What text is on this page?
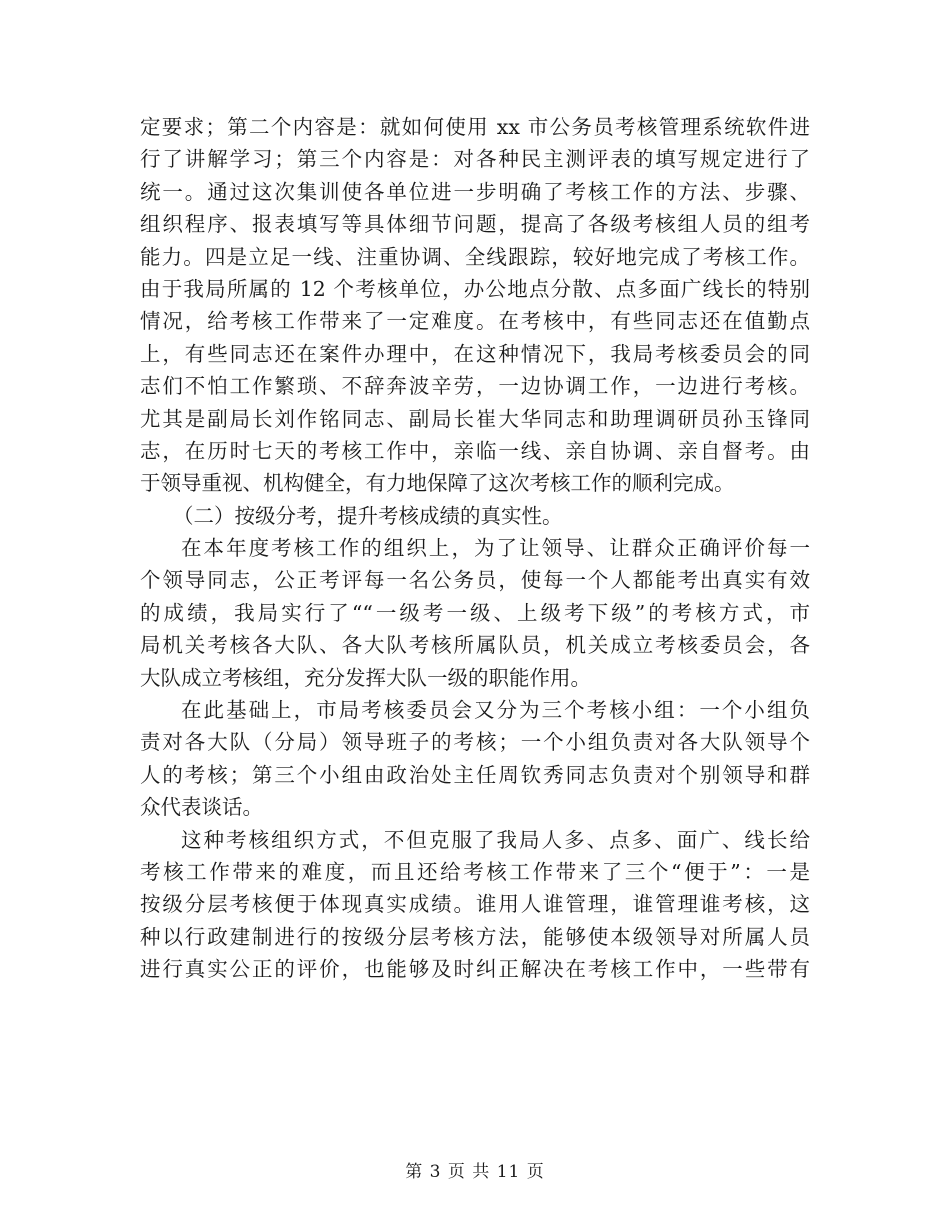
定要求；第二个内容是：就如何使用 xx 市公务员考核管理系统软件进
行了讲解学习；第三个内容是：对各种民主测评表的填写规定进行了
统一。通过这次集训使各单位进一步明确了考核工作的方法、步骤、
组织程序、报表填写等具体细节问题，提高了各级考核组人员的组考
能力。四是立足一线、注重协调、全线跟踪，较好地完成了考核工作。
由于我局所属的 12 个考核单位，办公地点分散、点多面广线长的特别
情况，给考核工作带来了一定难度。在考核中，有些同志还在值勤点
上，有些同志还在案件办理中，在这种情况下，我局考核委员会的同
志们不怕工作繁琐、不辞奔波辛劳，一边协调工作，一边进行考核。
尤其是副局长刘作铭同志、副局长崔大华同志和助理调研员孙玉锋同
志，在历时七天的考核工作中，亲临一线、亲自协调、亲自督考。由
于领导重视、机构健全，有力地保障了这次考核工作的顺利完成。
（二）按级分考，提升考核成绩的真实性。
在本年度考核工作的组织上，为了让领导、让群众正确评价每一
个领导同志，公正考评每一名公务员，使每一个人都能考出真实有效
的成绩，我局实行了““一级考一级、上级考下级”的考核方式，市
局机关考核各大队、各大队考核所属队员，机关成立考核委员会，各
大队成立考核组，充分发挥大队一级的职能作用。
在此基础上，市局考核委员会又分为三个考核小组：一个小组负
责对各大队（分局）领导班子的考核；一个小组负责对各大队领导个
人的考核；第三个小组由政治处主任周钦秀同志负责对个别领导和群
众代表谈话。
这种考核组织方式，不但克服了我局人多、点多、面广、线长给
考核工作带来的难度，而且还给考核工作带来了三个“便于”：一是
按级分层考核便于体现真实成绩。谁用人谁管理，谁管理谁考核，这
种以行政建制进行的按级分层考核方法，能够使本级领导对所属人员
进行真实公正的评价，也能够及时纠正解决在考核工作中，一些带有
第 3 页 共 11 页
